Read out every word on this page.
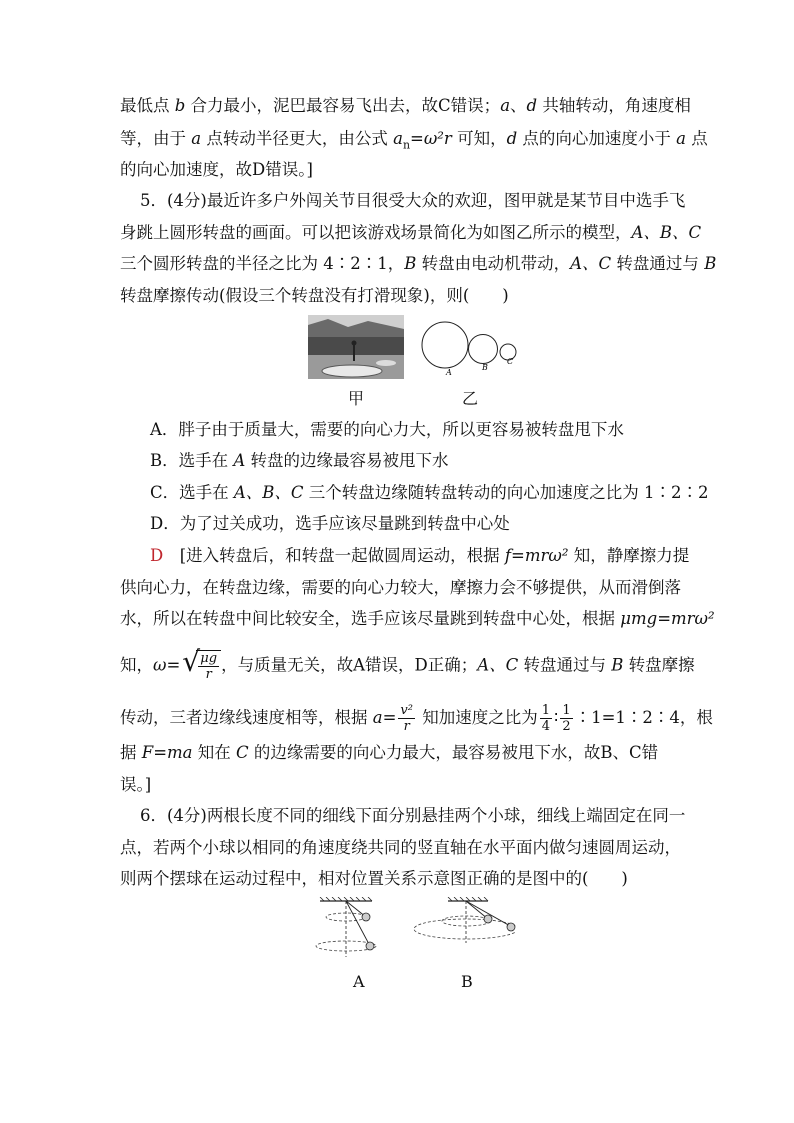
最低点 b 合力最小，泥巴最容易飞出去，故C错误；a、d 共轴转动，角速度相
等，由于 a 点转动半径更大，由公式 $a_n=\omega^2r$ 可知，d 点的向心加速度小于 a 点
的向心加速度，故D错误。]
5．(4分)最近许多户外闯关节目很受大众的欢迎，图甲就是某节目中选手飞
身跳上圆形转盘的画面。可以把该游戏场景简化为如图乙所示的模型，A、B、C
三个圆形转盘的半径之比为 4∶2∶1，B 转盘由电动机带动，A、C 转盘通过与 B
转盘摩擦传动(假设三个转盘没有打滑现象)，则(　　)
A
B
C
甲	乙
A．胖子由于质量大，需要的向心力大，所以更容易被转盘甩下水
B．选手在 A 转盘的边缘最容易被甩下水
C．选手在 A、B、C 三个转盘边缘随转盘转动的向心加速度之比为 1∶2∶2
D．为了过关成功，选手应该尽量跳到转盘中心处
D　[进入转盘后，和转盘一起做圆周运动，根据 f=mrω² 知，静摩擦力提
供向心力，在转盘边缘，需要的向心力较大，摩擦力会不够提供，从而滑倒落
水，所以在转盘中间比较安全，选手应该尽量跳到转盘中心处，根据 μmg=mrω²
知，ω= √
$\frac{\mu g}{r}$ ，与质量无关，故A错误，D正确；A、C 转盘通过与 B 转盘摩擦
传动，三者边缘线速度相等，根据 $a= \frac{\text{v²}}{r}$ 知加速度之比为 $\frac{1}{4}$ ∶ $\frac{1}{2}$ ∶1=1∶2∶4，根
据 F=ma 知在 C 的边缘需要的向心力最大，最容易被甩下水，故B、C错
误。]
6．(4分)两根长度不同的细线下面分别悬挂两个小球，细线上端固定在同一
点，若两个小球以相同的角速度绕共同的竖直轴在水平面内做匀速圆周运动，
则两个摆球在运动过程中，相对位置关系示意图正确的是图中的(　　)
A	B
